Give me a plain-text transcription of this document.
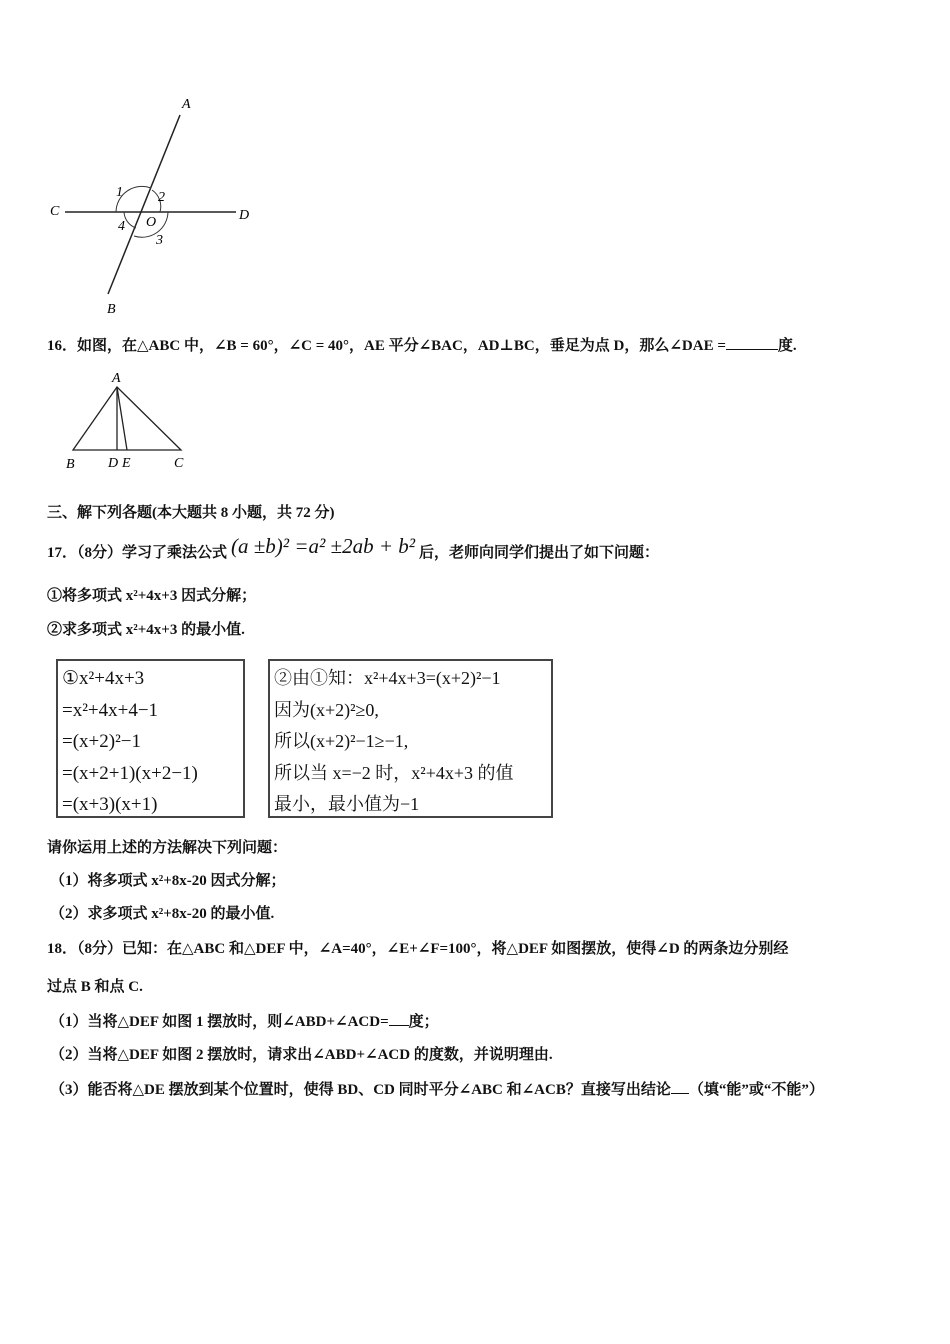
A
C	D
B
O
1	2
3
4
16．如图，在△ABC 中，∠B = 60°，∠C = 40°，AE 平分∠BAC，AD⊥BC，垂足为点 D，那么∠DAE =	度.
A
B D E	C
三、解下列各题(本大题共 8 小题，共 72 分)
17．（8分）学习了乘法公式 (a ±b)² =a² ±2ab + b² 后，老师向同学们提出了如下问题：
①将多项式 x²+4x+3 因式分解；
②求多项式 x²+4x+3 的最小值.
①x²+4x+3
=x²+4x+4−1
=(x+2)²−1
=(x+2+1)(x+2−1)
=(x+3)(x+1)
②由①知：x²+4x+3=(x+2)²−1
因为(x+2)²≥0,
所以(x+2)²−1≥−1,
所以当 x=−2 时，x²+4x+3 的值
最小，最小值为−1
请你运用上述的方法解决下列问题：
（1）将多项式 x²+8x-20 因式分解；
（2）求多项式 x²+8x-20 的最小值.
18．（8分）已知：在△ABC 和△DEF 中，∠A=40°，∠E+∠F=100°，将△DEF 如图摆放，使得∠D 的两条边分别经
过点 B 和点 C.
（1）当将△DEF 如图 1 摆放时，则∠ABD+∠ACD= 度；
（2）当将△DEF 如图 2 摆放时，请求出∠ABD+∠ACD 的度数，并说明理由.
（3）能否将△DE 摆放到某个位置时，使得 BD、CD 同时平分∠ABC 和∠ACB？直接写出结论 （填“能”或“不能”）
